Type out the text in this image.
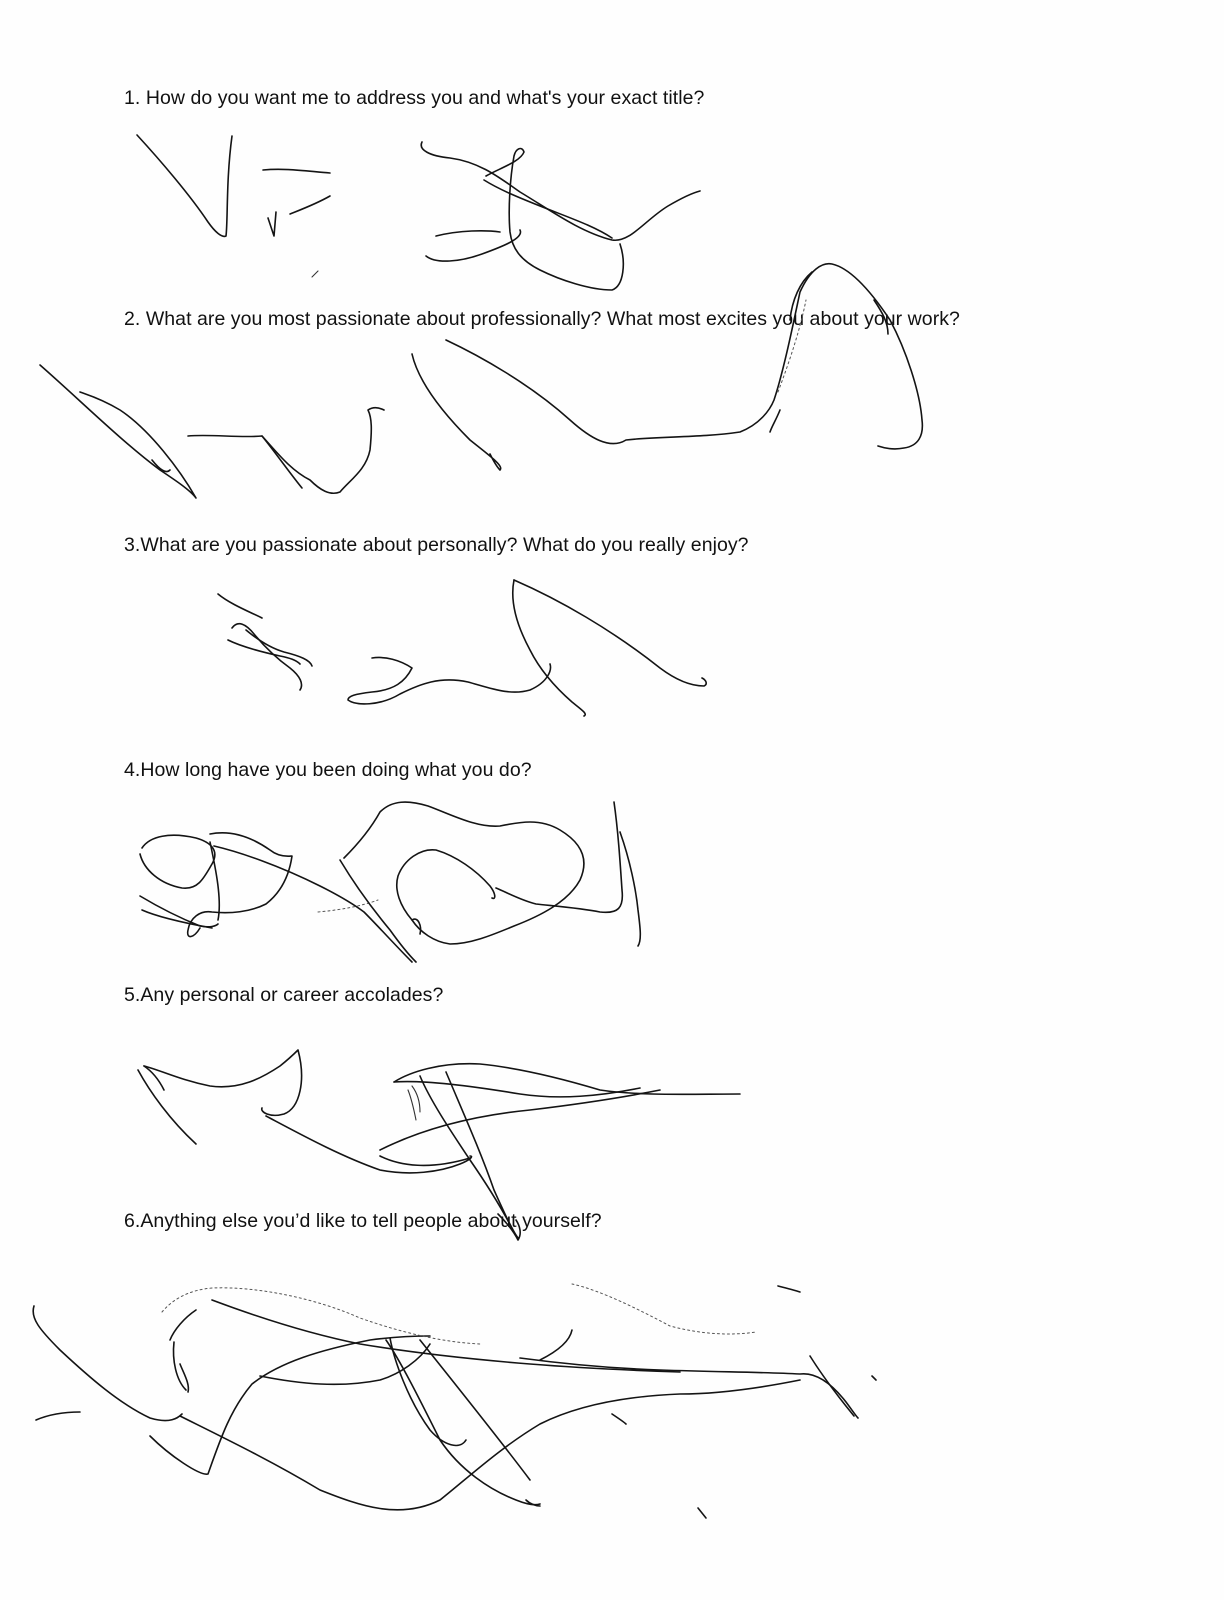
1. How do you want me to address you and what's your exact title?
2. What are you most passionate about professionally? What most excites you about your work?
3.What are you passionate about personally? What do you really enjoy?
4.How long have you been doing what you do?
5.Any personal or career accolades?
6.Anything else you’d like to tell people about yourself?
